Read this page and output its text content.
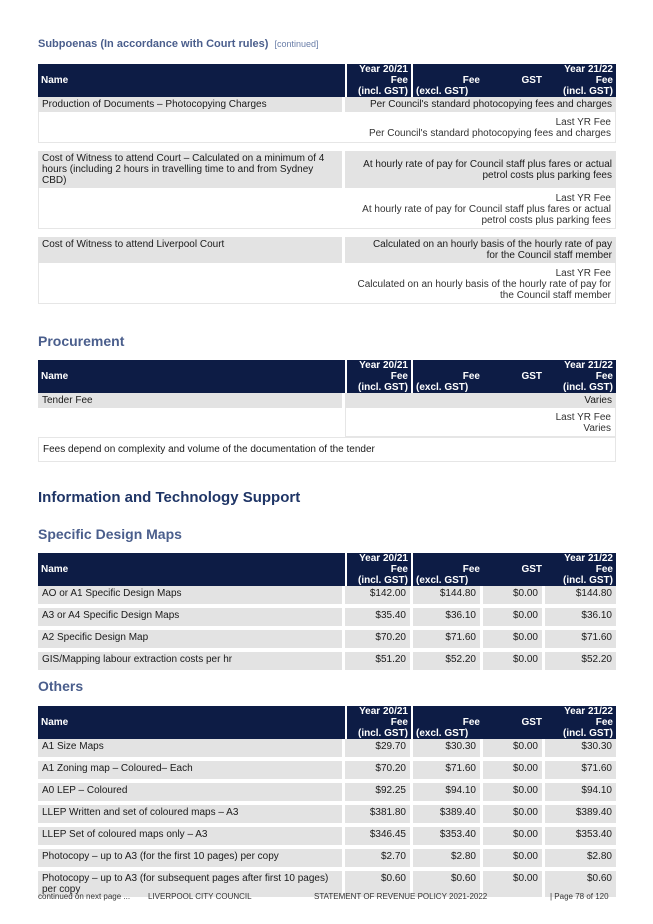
Subpoenas (In accordance with Court rules) [continued]
Name	Year 20/21	Year 21/22		
	Fee	Fee	GST	Fee
	(incl. GST)	(excl. GST)		(incl. GST)
Production of Documents – Photocopying Charges	Per Council's standard photocopying fees and charges			

	Last YR Fee
Per Council's standard photocopying fees and charges			

Cost of Witness to attend Court – Calculated on a minimum of 4 hours (including 2 hours in travelling time to and from Sydney CBD)	At hourly rate of pay for Council staff plus fares or actual petrol costs plus parking fees			

	Last YR Fee
At hourly rate of pay for Council staff plus fares or actual petrol costs plus parking fees			

Cost of Witness to attend Liverpool Court	Calculated on an hourly basis of the hourly rate of pay for the Council staff member			

	Last YR Fee
Calculated on an hourly basis of the hourly rate of pay for the Council staff member			
Procurement
Name	Year 20/21	Year 21/22		
	Fee	Fee	GST	Fee
	(incl. GST)	(excl. GST)		(incl. GST)
Tender Fee	Varies			

	Last YR Fee
Varies			

Fees depend on complexity and volume of the documentation of the tender				
Information and Technology Support
Specific Design Maps
Name	Year 20/21	Year 21/22		
	Fee	Fee	GST	Fee
	(incl. GST)	(excl. GST)		(incl. GST)
AO or A1 Specific Design Maps	$142.00	$144.80	$0.00	$144.80
A3 or A4 Specific Design Maps	$35.40	$36.10	$0.00	$36.10
A2 Specific Design Map	$70.20	$71.60	$0.00	$71.60
GIS/Mapping labour extraction costs per hr	$51.20	$52.20	$0.00	$52.20
Others
Name	Year 20/21	Year 21/22		
	Fee	Fee	GST	Fee
	(incl. GST)	(excl. GST)		(incl. GST)
A1 Size Maps	$29.70	$30.30	$0.00	$30.30
A1 Zoning map – Coloured– Each	$70.20	$71.60	$0.00	$71.60
A0 LEP – Coloured	$92.25	$94.10	$0.00	$94.10
LLEP Written and set of coloured maps – A3	$381.80	$389.40	$0.00	$389.40
LLEP Set of coloured maps only – A3	$346.45	$353.40	$0.00	$353.40
Photocopy – up to A3 (for the first 10 pages) per copy	$2.70	$2.80	$0.00	$2.80
Photocopy – up to A3 (for subsequent pages after first 10 pages) per copy	$0.60	$0.60	$0.00	$0.60
continued on next page ... LIVERPOOL CITY COUNCIL	STATEMENT OF REVENUE POLICY 2021-2022	| Page 78 of 120
